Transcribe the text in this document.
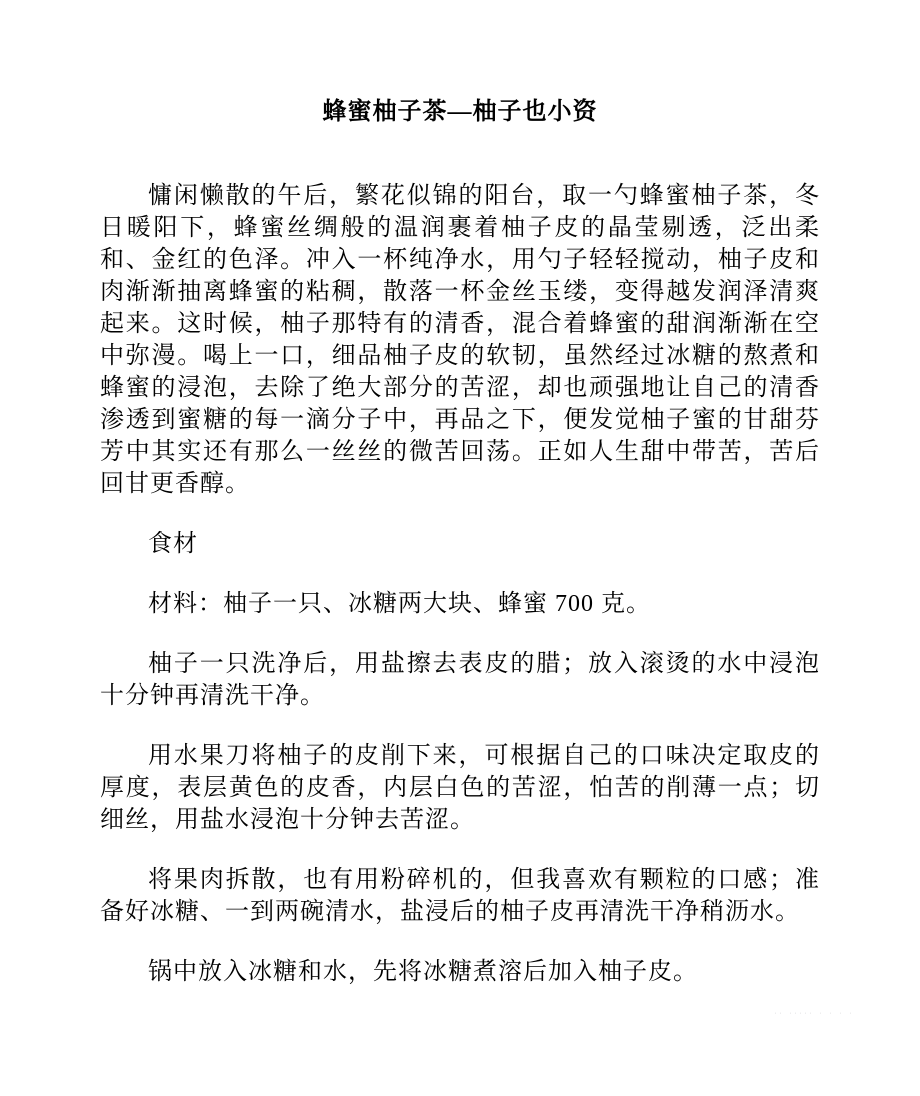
蜂蜜柚子茶—柚子也小资

慵闲懒散的午后，繁花似锦的阳台，取一勺蜂蜜柚子茶，冬日暖阳下，蜂蜜丝绸般的温润裹着柚子皮的晶莹剔透，泛出柔和、金红的色泽。冲入一杯纯净水，用勺子轻轻搅动，柚子皮和肉渐渐抽离蜂蜜的粘稠，散落一杯金丝玉缕，变得越发润泽清爽起来。这时候，柚子那特有的清香，混合着蜂蜜的甜润渐渐在空中弥漫。喝上一口，细品柚子皮的软韧，虽然经过冰糖的熬煮和蜂蜜的浸泡，去除了绝大部分的苦涩，却也顽强地让自己的清香渗透到蜜糖的每一滴分子中，再品之下，便发觉柚子蜜的甘甜芬芳中其实还有那么一丝丝的微苦回荡。正如人生甜中带苦，苦后回甘更香醇。

食材

材料：柚子一只、冰糖两大块、蜂蜜 700 克。

柚子一只洗净后，用盐擦去表皮的腊；放入滚烫的水中浸泡十分钟再清洗干净。

用水果刀将柚子的皮削下来，可根据自己的口味决定取皮的厚度，表层黄色的皮香，内层白色的苦涩，怕苦的削薄一点；切细丝，用盐水浸泡十分钟去苦涩。

将果肉拆散，也有用粉碎机的，但我喜欢有颗粒的口感；准备好冰糖、一到两碗清水，盐浸后的柚子皮再清洗干净稍沥水。

锅中放入冰糖和水，先将冰糖煮溶后加入柚子皮。

·· ····· · · · ·
